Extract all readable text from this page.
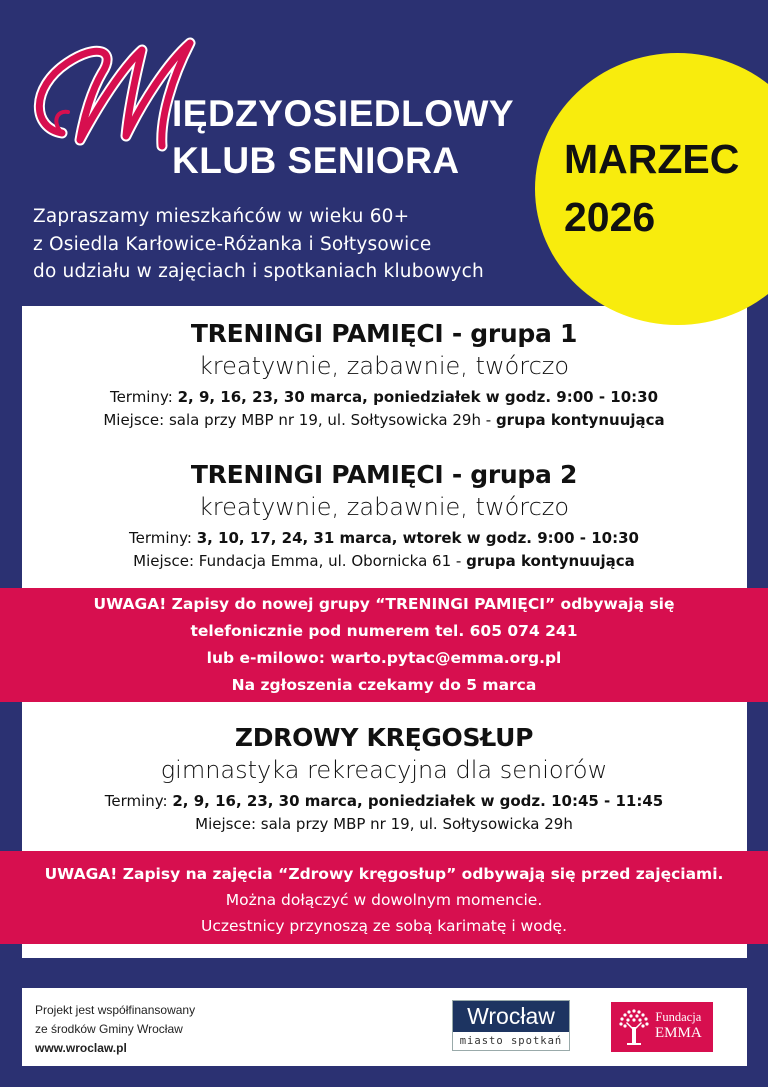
IĘDZYOSIEDLOWY
KLUB SENIORA
Zapraszamy mieszkańców w wieku 60+
z Osiedla Karłowice-Różanka i Sołtysowice
do udziału w zajęciach i spotkaniach klubowych
MARZEC
2026
TRENINGI PAMIĘCI - grupa 1
kreatywnie, zabawnie, twórczo
Terminy: 2, 9, 16, 23, 30 marca, poniedziałek w godz. 9:00 - 10:30
Miejsce: sala przy MBP nr 19, ul. Sołtysowicka 29h - grupa kontynuująca
TRENINGI PAMIĘCI - grupa 2
kreatywnie, zabawnie, twórczo
Terminy: 3, 10, 17, 24, 31 marca, wtorek w godz. 9:00 - 10:30
Miejsce: Fundacja Emma, ul. Obornicka 61 - grupa kontynuująca
UWAGA! Zapisy do nowej grupy “TRENINGI PAMIĘCI” odbywają się
telefonicznie pod numerem tel. 605 074 241
lub e-milowo: warto.pytac@emma.org.pl
Na zgłoszenia czekamy do 5 marca
ZDROWY KRĘGOSŁUP
gimnastyka rekreacyjna dla seniorów
Terminy: 2, 9, 16, 23, 30 marca, poniedziałek w godz. 10:45 - 11:45
Miejsce: sala przy MBP nr 19, ul. Sołtysowicka 29h
UWAGA! Zapisy na zajęcia “Zdrowy kręgosłup” odbywają się przed zajęciami.
Można dołączyć w dowolnym momencie.
Uczestnicy przynoszą ze sobą karimatę i wodę.
Projekt jest współfinansowany
ze środków Gminy Wrocław
www.wroclaw.pl
Wrocław
miasto spotkań
Fundacja
EMMA
